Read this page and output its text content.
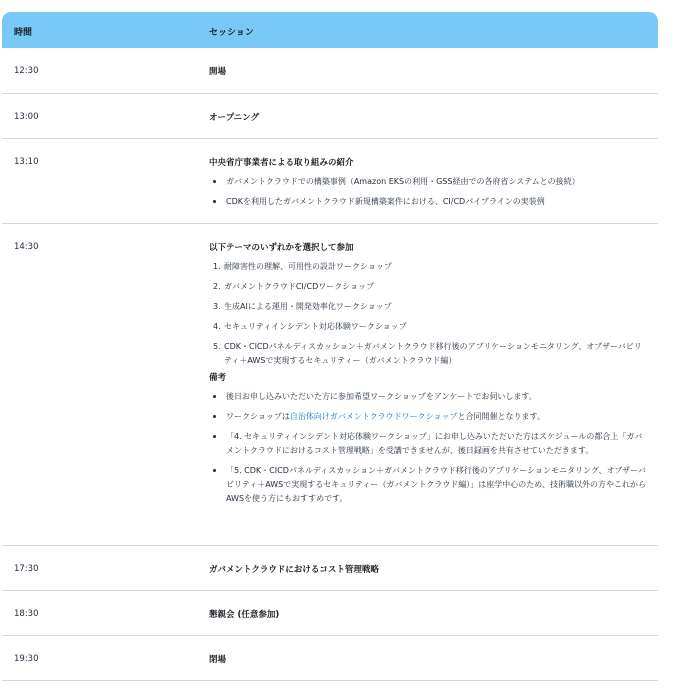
時間	セッション
12:30	開場
13:00	オープニング
13:10	中央省庁事業者による取り組みの紹介
ガバメントクラウドでの構築事例（Amazon EKSの利用・GSS経由での各府省システムとの接続）
CDKを利用したガバメントクラウド新規構築案件における、CI/CDパイプラインの実装例
14:30	以下テーマのいずれかを選択して参加
1. 耐障害性の理解、可用性の設計ワークショップ
2. ガバメントクラウドCI/CDワークショップ
3. 生成AIによる運用・開発効率化ワークショップ
4. セキュリティインシデント対応体験ワークショップ
5. CDK・CICDパネルディスカッション＋ガバメントクラウド移行後のアプリケーションモニタリング、オブザーバビリティ＋AWSで実現するセキュリティー（ガバメントクラウド編）
備考
後日お申し込みいただいた方に参加希望ワークショップをアンケートでお伺いします。
ワークショップは自治体向けガバメントクラウドワークショップと合同開催となります。
「4. セキュリティインシデント対応体験ワークショップ」にお申し込みいただいた方はスケジュールの都合上「ガバメントクラウドにおけるコスト管理戦略」を受講できませんが、後日録画を共有させていただきます。
「5. CDK・CICDパネルディスカッション＋ガバメントクラウド移行後のアプリケーションモニタリング、オブザーバビリティ＋AWSで実現するセキュリティー（ガバメントクラウド編）」は座学中心のため、技術職以外の方やこれからAWSを使う方にもおすすめです。
17:30	ガバメントクラウドにおけるコスト管理戦略
18:30	懇親会 (任意参加)
19:30	閉場
